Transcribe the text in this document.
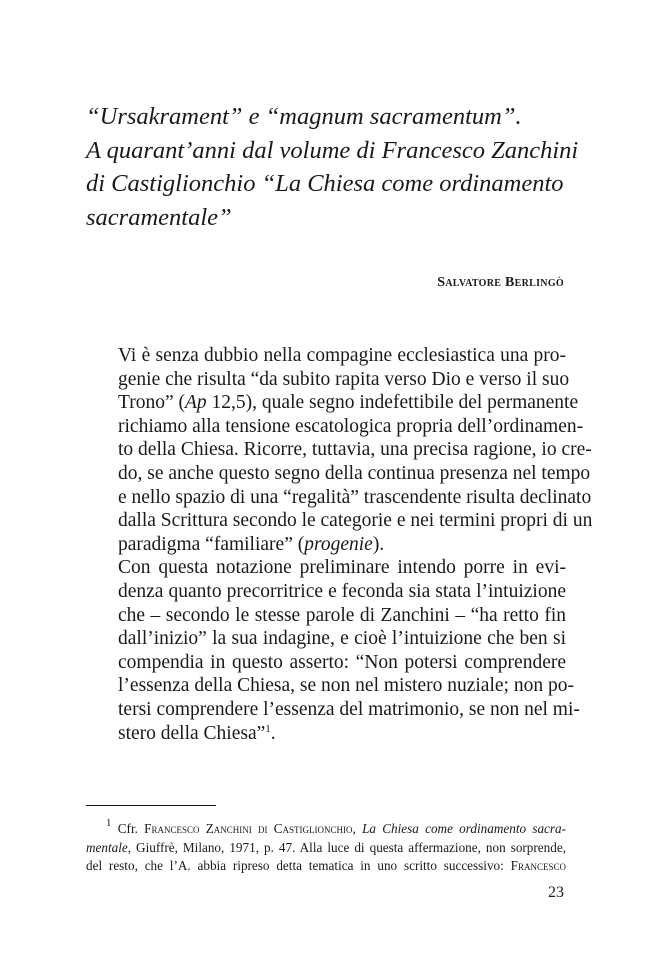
“Ursakrament” e “magnum sacramentum”.
A quarant’anni dal volume di Francesco Zanchini
di Castiglionchio “La Chiesa come ordinamento
sacramentale”
Salvatore Berlingò

Vi è senza dubbio nella compagine ecclesiastica una pro-
genie che risulta “da subito rapita verso Dio e verso il suo
Trono” (Ap 12,5), quale segno indefettibile del permanente
richiamo alla tensione escatologica propria dell’ordinamen-
to della Chiesa. Ricorre, tuttavia, una precisa ragione, io cre-
do, se anche questo segno della continua presenza nel tempo
e nello spazio di una “regalità” trascendente risulta declinato
dalla Scrittura secondo le categorie e nei termini propri di un
paradigma “familiare” (progenie).

Con questa notazione preliminare intendo porre in evi-
denza quanto precorritrice e feconda sia stata l’intuizione
che – secondo le stesse parole di Zanchini – “ha retto fin
dall’inizio” la sua indagine, e cioè l’intuizione che ben si
compendia in questo asserto: “Non potersi comprendere
l’essenza della Chiesa, se non nel mistero nuziale; non po-
tersi comprendere l’essenza del matrimonio, se non nel mi-
stero della Chiesa”$^1$.

$^1$ Cfr. Francesco Zanchini di Castiglionchio, La Chiesa come ordinamento sacra-
mentale, Giuffrè, Milano, 1971, p. 47. Alla luce di questa affermazione, non sorprende,
del resto, che l’A. abbia ripreso detta tematica in uno scritto successivo: Francesco
23
